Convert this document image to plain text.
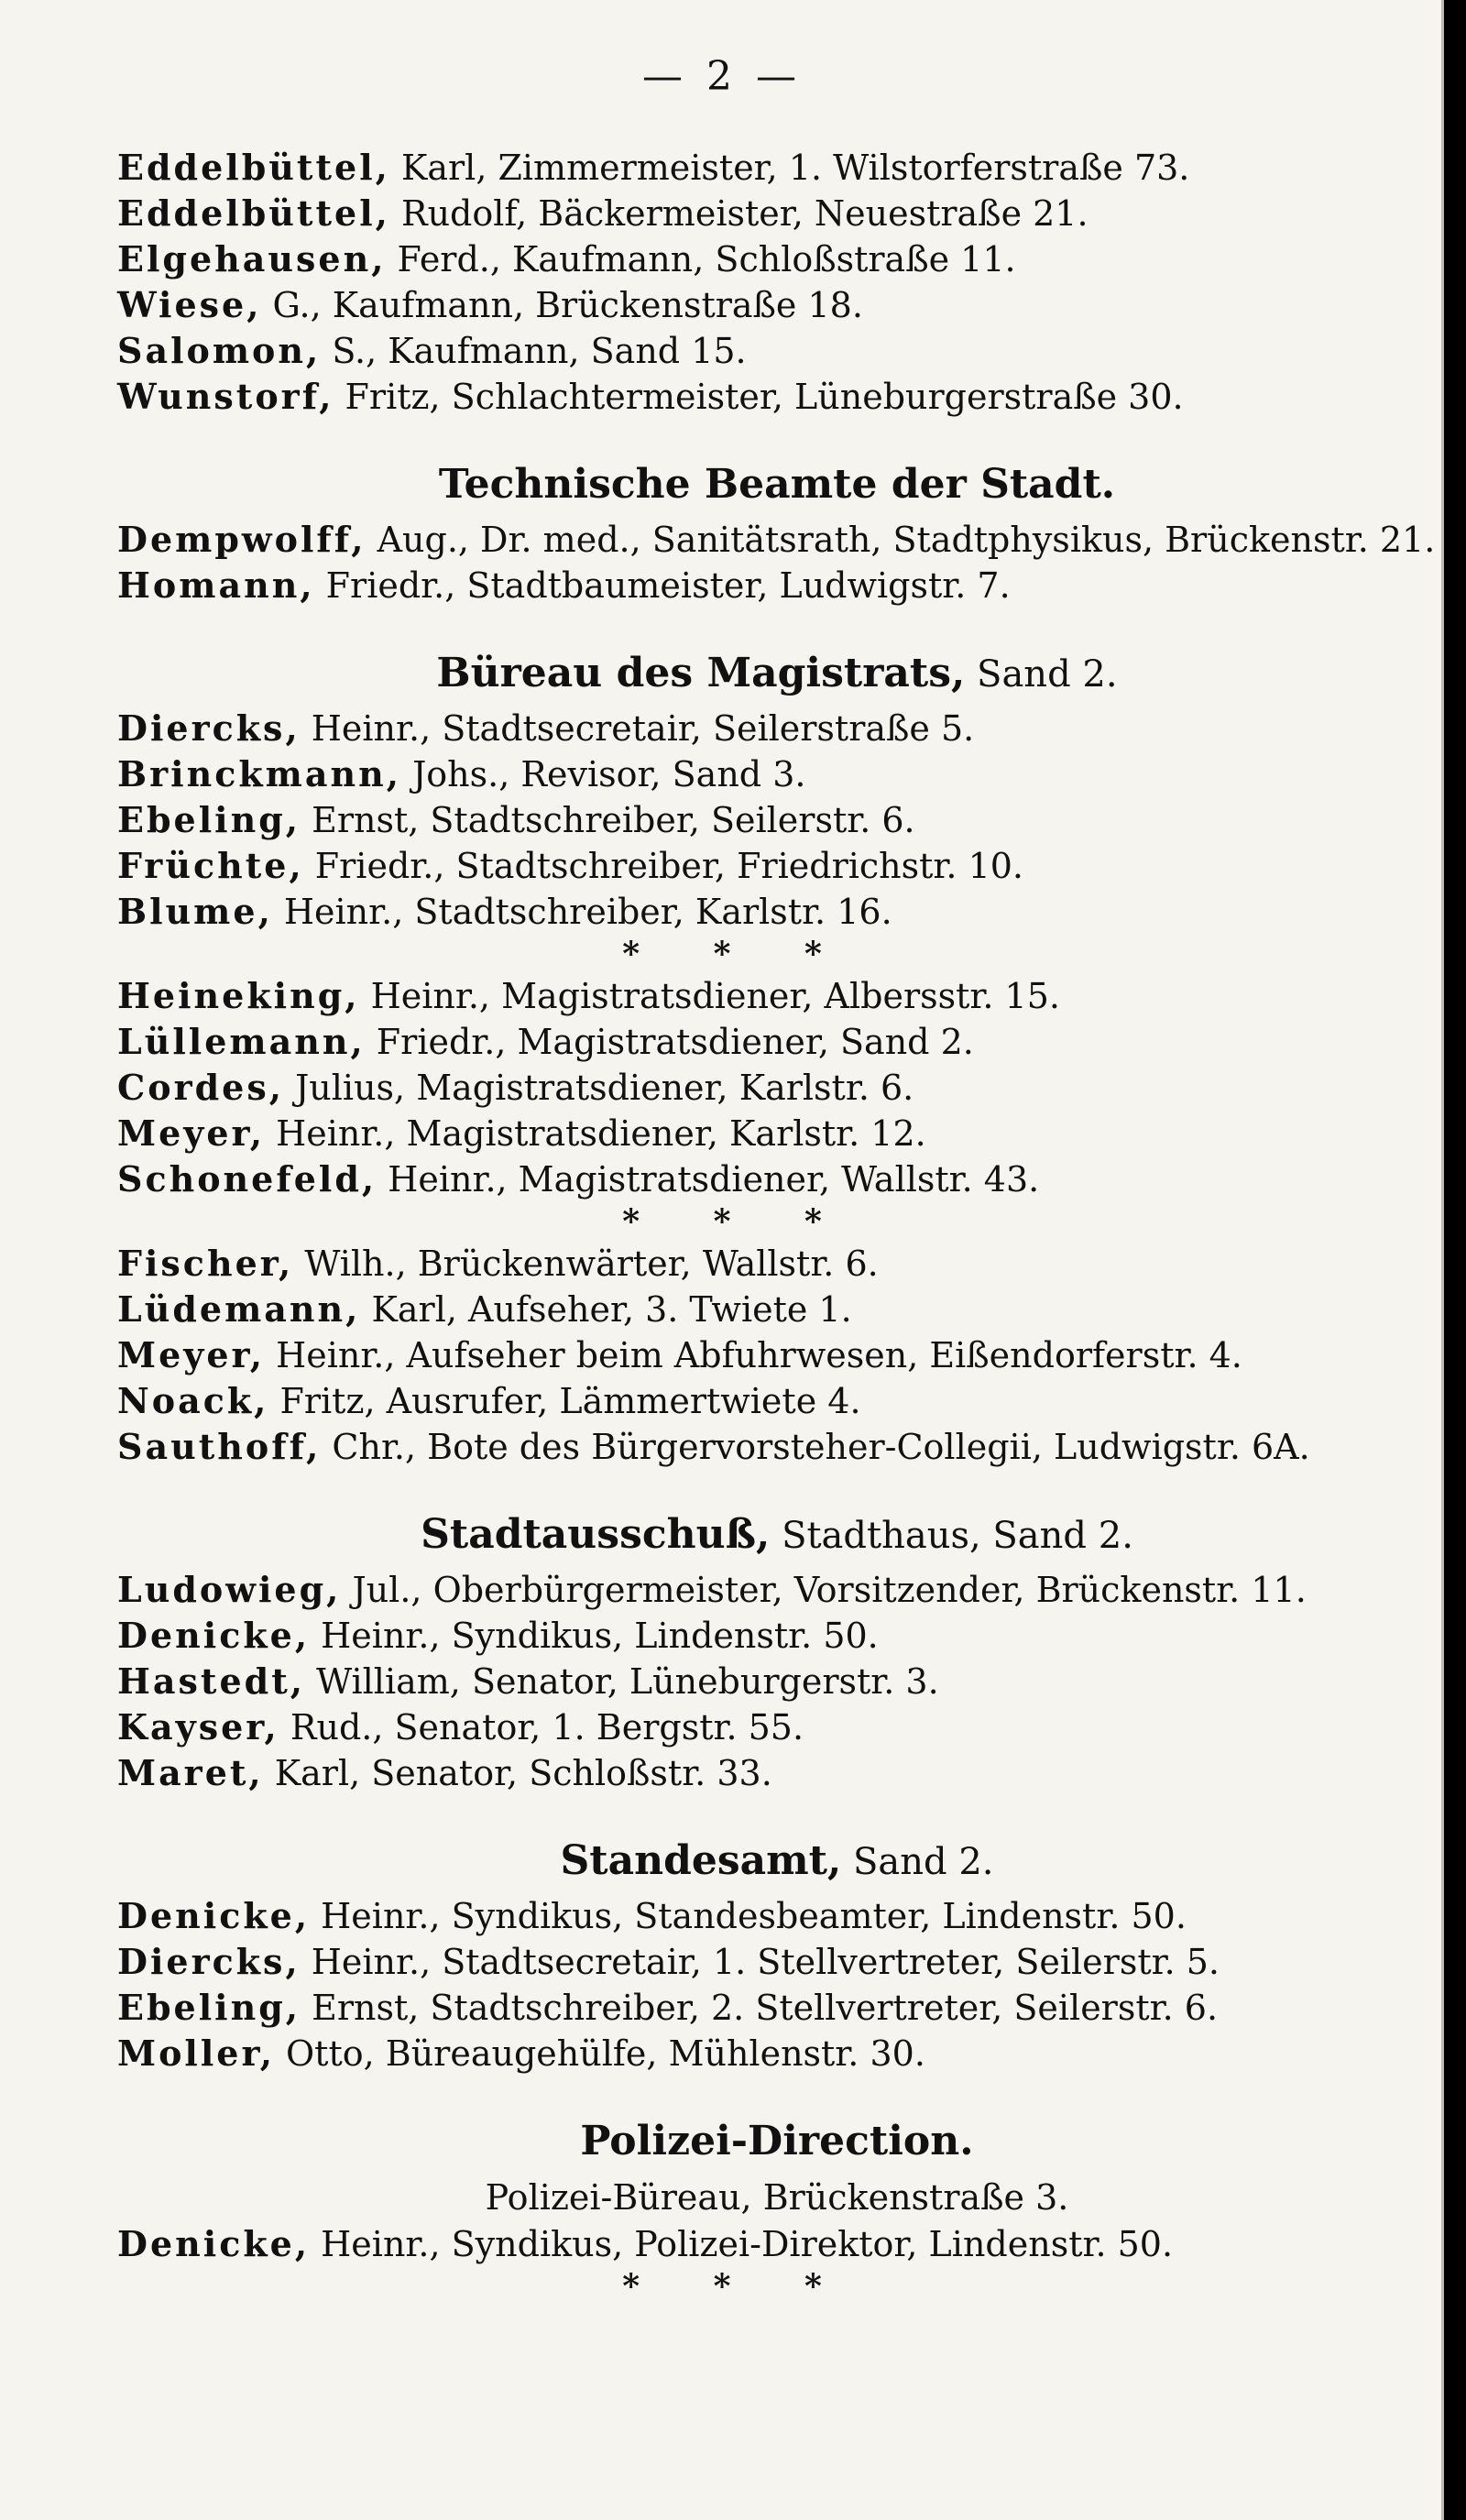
— 2 —
Eddelbüttel, Karl, Zimmermeister, 1. Wilstorferstraße 73.
Eddelbüttel, Rudolf, Bäckermeister, Neuestraße 21.
Elgehausen, Ferd., Kaufmann, Schloßstraße 11.
Wiese, G., Kaufmann, Brückenstraße 18.
Salomon, S., Kaufmann, Sand 15.
Wunstorf, Fritz, Schlachtermeister, Lüneburgerstraße 30.
Technische Beamte der Stadt.
Dempwolff, Aug., Dr. med., Sanitätsrath, Stadtphysikus, Brückenstr. 21.
Homann, Friedr., Stadtbaumeister, Ludwigstr. 7.
Büreau des Magistrats, Sand 2.
Diercks, Heinr., Stadtsecretair, Seilerstraße 5.
Brinckmann, Johs., Revisor, Sand 3.
Ebeling, Ernst, Stadtschreiber, Seilerstr. 6.
Früchte, Friedr., Stadtschreiber, Friedrichstr. 10.
Blume, Heinr., Stadtschreiber, Karlstr. 16.
* * *
Heineking, Heinr., Magistratsdiener, Albersstr. 15.
Lüllemann, Friedr., Magistratsdiener, Sand 2.
Cordes, Julius, Magistratsdiener, Karlstr. 6.
Meyer, Heinr., Magistratsdiener, Karlstr. 12.
Schonefeld, Heinr., Magistratsdiener, Wallstr. 43.
* * *
Fischer, Wilh., Brückenwärter, Wallstr. 6.
Lüdemann, Karl, Aufseher, 3. Twiete 1.
Meyer, Heinr., Aufseher beim Abfuhrwesen, Eißendorferstr. 4.
Noack, Fritz, Ausrufer, Lämmertwiete 4.
Sauthoff, Chr., Bote des Bürgervorsteher-Collegii, Ludwigstr. 6A.
Stadtausschuß, Stadthaus, Sand 2.
Ludowieg, Jul., Oberbürgermeister, Vorsitzender, Brückenstr. 11.
Denicke, Heinr., Syndikus, Lindenstr. 50.
Hastedt, William, Senator, Lüneburgerstr. 3.
Kayser, Rud., Senator, 1. Bergstr. 55.
Maret, Karl, Senator, Schloßstr. 33.
Standesamt, Sand 2.
Denicke, Heinr., Syndikus, Standesbeamter, Lindenstr. 50.
Diercks, Heinr., Stadtsecretair, 1. Stellvertreter, Seilerstr. 5.
Ebeling, Ernst, Stadtschreiber, 2. Stellvertreter, Seilerstr. 6.
Moller, Otto, Büreaugehülfe, Mühlenstr. 30.
Polizei-Direction.
Polizei-Büreau, Brückenstraße 3.
Denicke, Heinr., Syndikus, Polizei-Direktor, Lindenstr. 50.
* * *
